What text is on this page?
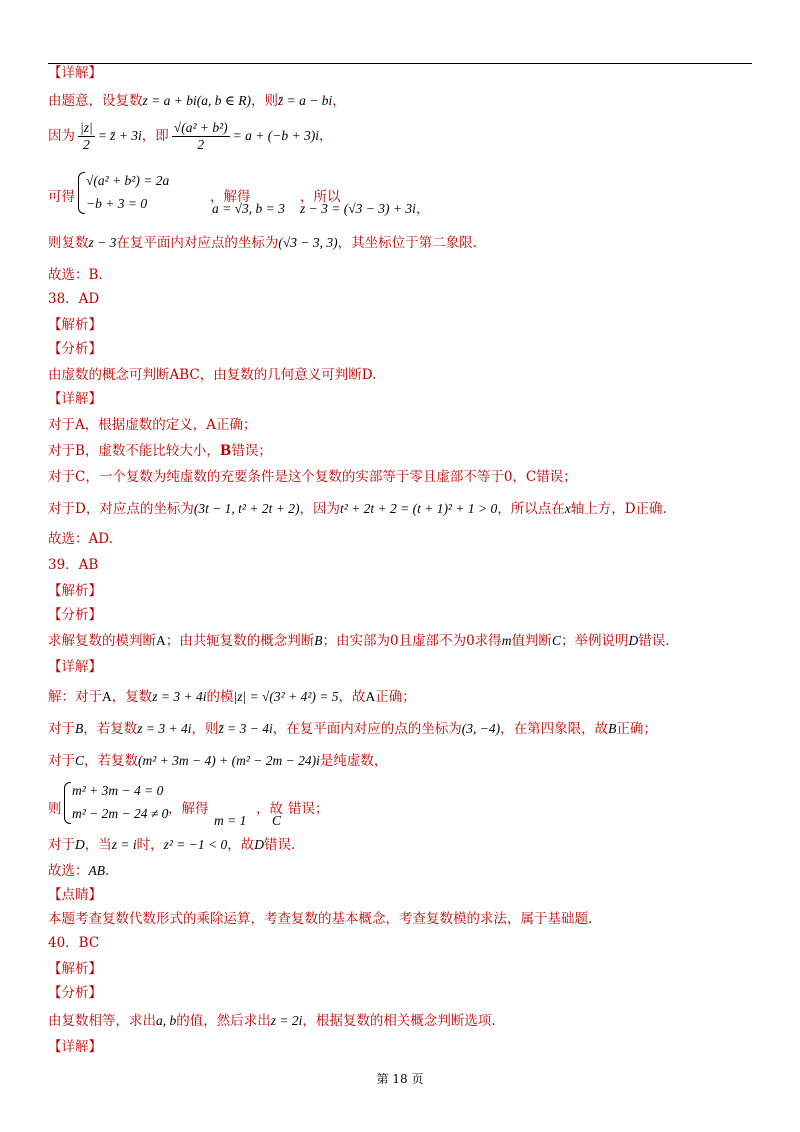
【详解】
由题意，设复数z = a + bi(a, b ∈ R)，则z̄ = a − bi，
因为 $\frac{|z|}{2}$ = z̄ + 3i，即 $\frac{\text{√(a² + b²)}}{2} = a + (-b + 3)i$，
可得
√(a² + b²) = 2a
−b + 3 = 0	，解得
a = √3, b = 3
，所以
z − 3 = (√3 − 3) + 3i，
则复数z − 3在复平面内对应点的坐标为(√3 − 3, 3)，其坐标位于第二象限.
故选：B.
38．AD
【解析】
【分析】
由虚数的概念可判断ABC，由复数的几何意义可判断D.
【详解】
对于A，根据虚数的定义，A正确；
对于B，虚数不能比较大小，B错误；
对于C，一个复数为纯虚数的充要条件是这个复数的实部等于零且虚部不等于0，C错误；
对于D，对应点的坐标为(3t − 1, t² + 2t + 2)，因为t² + 2t + 2 = (t + 1)² + 1 > 0，所以点在x轴上方，D正确.
故选：AD.
39．AB
【解析】
【分析】
求解复数的模判断A；由共轭复数的概念判断B；由实部为0且虚部不为0求得m值判断C；举例说明D错误.
【详解】
解：对于A，复数z = 3 + 4i的模|z| = √(3² + 4²) = 5，故A正确；
对于B，若复数z = 3 + 4i，则z̄ = 3 − 4i，在复平面内对应的点的坐标为(3, −4)，在第四象限，故B正确；
对于C，若复数(m² + 3m − 4) + (m² − 2m − 24)i是纯虚数，
则
m² + 3m − 4 = 0
m² − 2m − 24 ≠ 0 ，解得
m = 1
，故
C
错误；
对于D，当z = i时，z² = −1 < 0，故D错误.
故选：AB.
【点睛】
本题考查复数代数形式的乘除运算，考查复数的基本概念，考查复数模的求法，属于基础题.
40．BC
【解析】
【分析】
由复数相等，求出a, b的值，然后求出z = 2i，根据复数的相关概念判断选项.
【详解】
第 18 页
